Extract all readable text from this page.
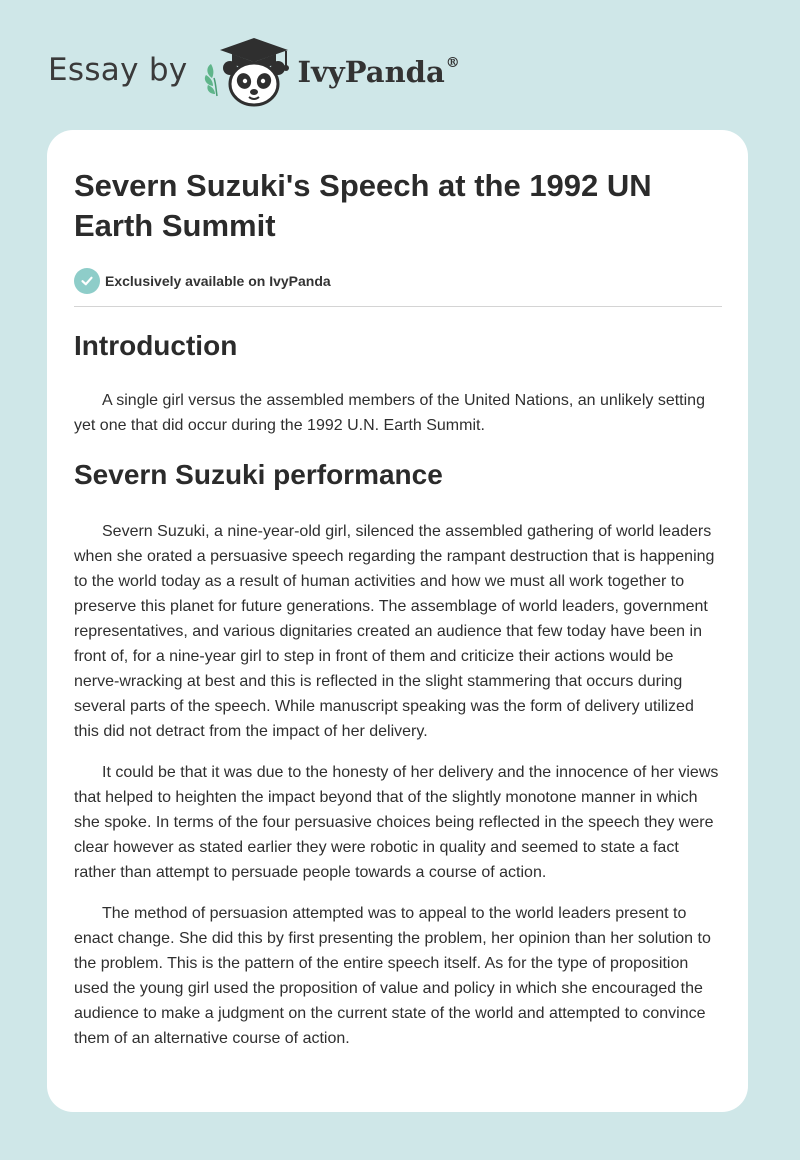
Essay by	IvyPanda®
Severn Suzuki's Speech at the 1992 UN Earth Summit
Exclusively available on IvyPanda
Introduction

A single girl versus the assembled members of the United Nations, an unlikely setting yet one that did occur during the 1992 U.N. Earth Summit.

Severn Suzuki performance

Severn Suzuki, a nine-year-old girl, silenced the assembled gathering of world leaders when she orated a persuasive speech regarding the rampant destruction that is happening to the world today as a result of human activities and how we must all work together to preserve this planet for future generations. The assemblage of world leaders, government representatives, and various dignitaries created an audience that few today have been in front of, for a nine-year girl to step in front of them and criticize their actions would be nerve-wracking at best and this is reflected in the slight stammering that occurs during several parts of the speech. While manuscript speaking was the form of delivery utilized this did not detract from the impact of her delivery.

It could be that it was due to the honesty of her delivery and the innocence of her views that helped to heighten the impact beyond that of the slightly monotone manner in which she spoke. In terms of the four persuasive choices being reflected in the speech they were clear however as stated earlier they were robotic in quality and seemed to state a fact rather than attempt to persuade people towards a course of action.

The method of persuasion attempted was to appeal to the world leaders present to enact change. She did this by first presenting the problem, her opinion than her solution to the problem. This is the pattern of the entire speech itself. As for the type of proposition used the young girl used the proposition of value and policy in which she encouraged the audience to make a judgment on the current state of the world and attempted to convince them of an alternative course of action.
